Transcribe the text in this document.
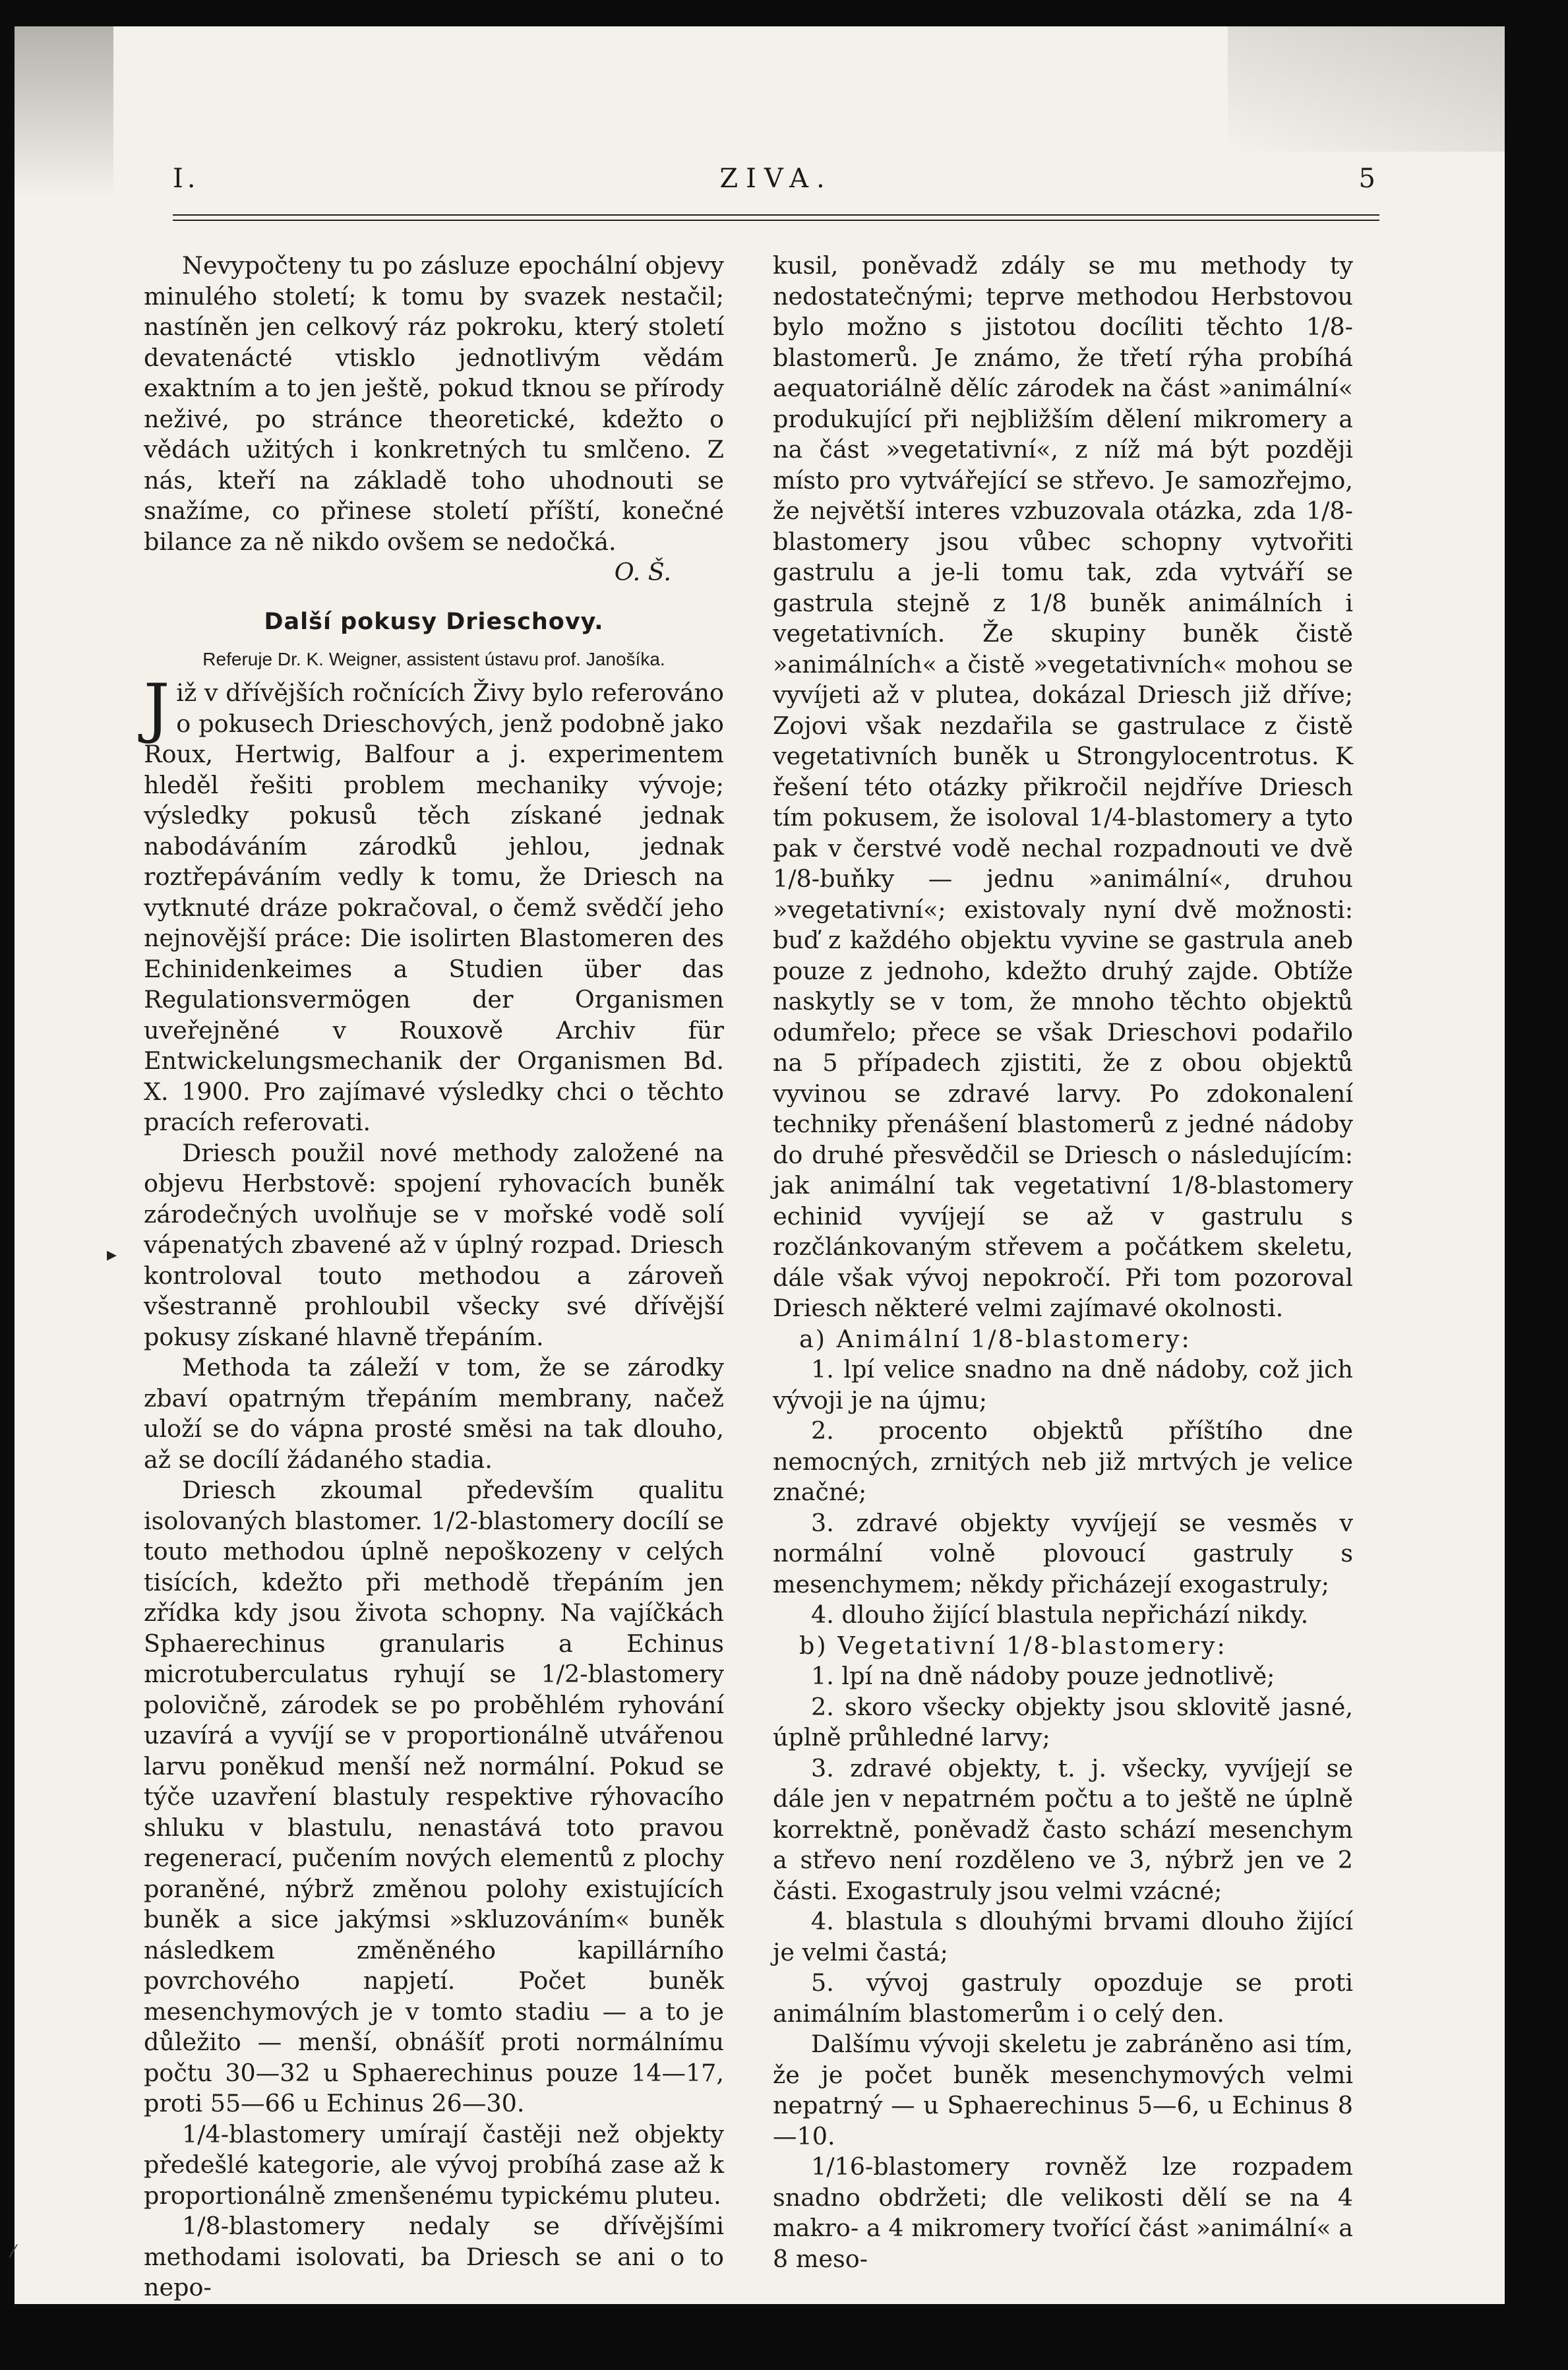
I.	ZIVA.	5
▸

Nevypočteny tu po zásluze epochální objevy minulého století; k tomu by svazek nestačil; nastíněn jen celkový ráz pokroku, který století devatenácté vtisklo jednotlivým vědám exaktním a to jen ještě, pokud tknou se přírody neživé, po stránce theoretické, kdežto o vědách užitých i konkretných tu smlčeno. Z nás, kteří na základě toho uhodnouti se snažíme, co přinese století příští, konečné bilance za ně nikdo ovšem se nedočká.

O. Š.

Další pokusy Drieschovy.

Referuje Dr. K. Weigner, assistent ústavu prof. Janošíka.

Již v dřívějších ročnících Živy bylo referováno o pokusech Drieschových, jenž podobně jako Roux, Hertwig, Balfour a j. experimentem hleděl řešiti problem mechaniky vývoje; výsledky pokusů těch získané jednak nabodáváním zárodků jehlou, jednak roztřepáváním vedly k tomu, že Driesch na vytknuté dráze pokračoval, o čemž svědčí jeho nejnovější práce: Die isolirten Blastomeren des Echinidenkeimes a Studien über das Regulationsvermögen der Organismen uveřejněné v Rouxově Archiv für Entwickelungsmechanik der Organismen Bd. X. 1900. Pro zajímavé výsledky chci o těchto pracích referovati.

Driesch použil nové methody založené na objevu Herbstově: spojení ryhovacích buněk zárodečných uvolňuje se v mořské vodě solí vápenatých zbavené až v úplný rozpad. Driesch kontroloval touto methodou a zároveň všestranně prohloubil všecky své dřívější pokusy získané hlavně třepáním.

Methoda ta záleží v tom, že se zárodky zbaví opatrným třepáním membrany, načež uloží se do vápna prosté směsi na tak dlouho, až se docílí žádaného stadia.

Driesch zkoumal především qualitu isolovaných blastomer. 1/2-blastomery docílí se touto methodou úplně nepoškozeny v celých tisících, kdežto při methodě třepáním jen zřídka kdy jsou života schopny. Na vajíčkách Sphaerechinus granularis a Echinus microtuberculatus ryhují se 1/2-blastomery polovičně, zárodek se po proběhlém ryhování uzavírá a vyvíjí se v proportionálně utvářenou larvu poněkud menší než normální. Pokud se týče uzavření blastuly respektive rýhovacího shluku v blastulu, nenastává toto pravou regenerací, pučením nových elementů z plochy poraněné, nýbrž změnou polohy existujících buněk a sice jakýmsi »skluzováním« buněk následkem změněného kapillárního povrchového napjetí. Počet buněk mesenchymových je v tomto stadiu — a to je důležito — menší, obnášíť proti normálnímu počtu 30—32 u Sphaerechinus pouze 14—17, proti 55—66 u Echinus 26—30.

1/4-blastomery umírají častěji než objekty předešlé kategorie, ale vývoj probíhá zase až k proportionálně zmenšenému typickému pluteu.

1/8-blastomery nedaly se dřívějšími methodami isolovati, ba Driesch se ani o to nepo-

kusil, poněvadž zdály se mu methody ty nedostatečnými; teprve methodou Herbstovou bylo možno s jistotou docíliti těchto 1/8-blastomerů. Je známo, že třetí rýha probíhá aequatoriálně dělíc zárodek na část »animální« produkující při nejbližším dělení mikromery a na část »vegetativní«, z níž má být později místo pro vytvářející se střevo. Je samozřejmo, že největší interes vzbuzovala otázka, zda 1/8-blastomery jsou vůbec schopny vytvořiti gastrulu a je-li tomu tak, zda vytváří se gastrula stejně z 1/8 buněk animálních i vegetativních. Že skupiny buněk čistě »animálních« a čistě »vegetativních« mohou se vyvíjeti až v plutea, dokázal Driesch již dříve; Zojovi však nezdařila se gastrulace z čistě vegetativních buněk u Strongylocentrotus. K řešení této otázky přikročil nejdříve Driesch tím pokusem, že isoloval 1/4-blastomery a tyto pak v čerstvé vodě nechal rozpadnouti ve dvě 1/8-buňky — jednu »animální«, druhou »vegetativní«; existovaly nyní dvě možnosti: buď z každého objektu vyvine se gastrula aneb pouze z jednoho, kdežto druhý zajde. Obtíže naskytly se v tom, že mnoho těchto objektů odumřelo; přece se však Drieschovi podařilo na 5 případech zjistiti, že z obou objektů vyvinou se zdravé larvy. Po zdokonalení techniky přenášení blastomerů z jedné nádoby do druhé přesvědčil se Driesch o následujícím: jak animální tak vegetativní 1/8-blastomery echinid vyvíjejí se až v gastrulu s rozčlánkovaným střevem a počátkem skeletu, dále však vývoj nepokročí. Při tom pozoroval Driesch některé velmi zajímavé okolnosti.

a) Animální 1/8-blastomery:

1. lpí velice snadno na dně nádoby, což jich vývoji je na újmu;

2. procento objektů příštího dne nemocných, zrnitých neb již mrtvých je velice značné;

3. zdravé objekty vyvíjejí se vesměs v normální volně plovoucí gastruly s mesenchymem; někdy přicházejí exogastruly;

4. dlouho žijící blastula nepřichází nikdy.

b) Vegetativní 1/8-blastomery:

1. lpí na dně nádoby pouze jednotlivě;

2. skoro všecky objekty jsou sklovitě jasné, úplně průhledné larvy;

3. zdravé objekty, t. j. všecky, vyvíjejí se dále jen v nepatrném počtu a to ještě ne úplně korrektně, poněvadž často schází mesenchym a střevo není rozděleno ve 3, nýbrž jen ve 2 části. Exogastruly jsou velmi vzácné;

4. blastula s dlouhými brvami dlouho žijící je velmi častá;

5. vývoj gastruly opozduje se proti animálním blastomerům i o celý den.

Dalšímu vývoji skeletu je zabráněno asi tím, že je počet buněk mesenchymových velmi nepatrný — u Sphaerechinus 5—6, u Echinus 8—10.

1/16-blastomery rovněž lze rozpadem snadno obdržeti; dle velikosti dělí se na 4 makro- a 4 mikromery tvořící část »animální« a 8 meso-

⁄
